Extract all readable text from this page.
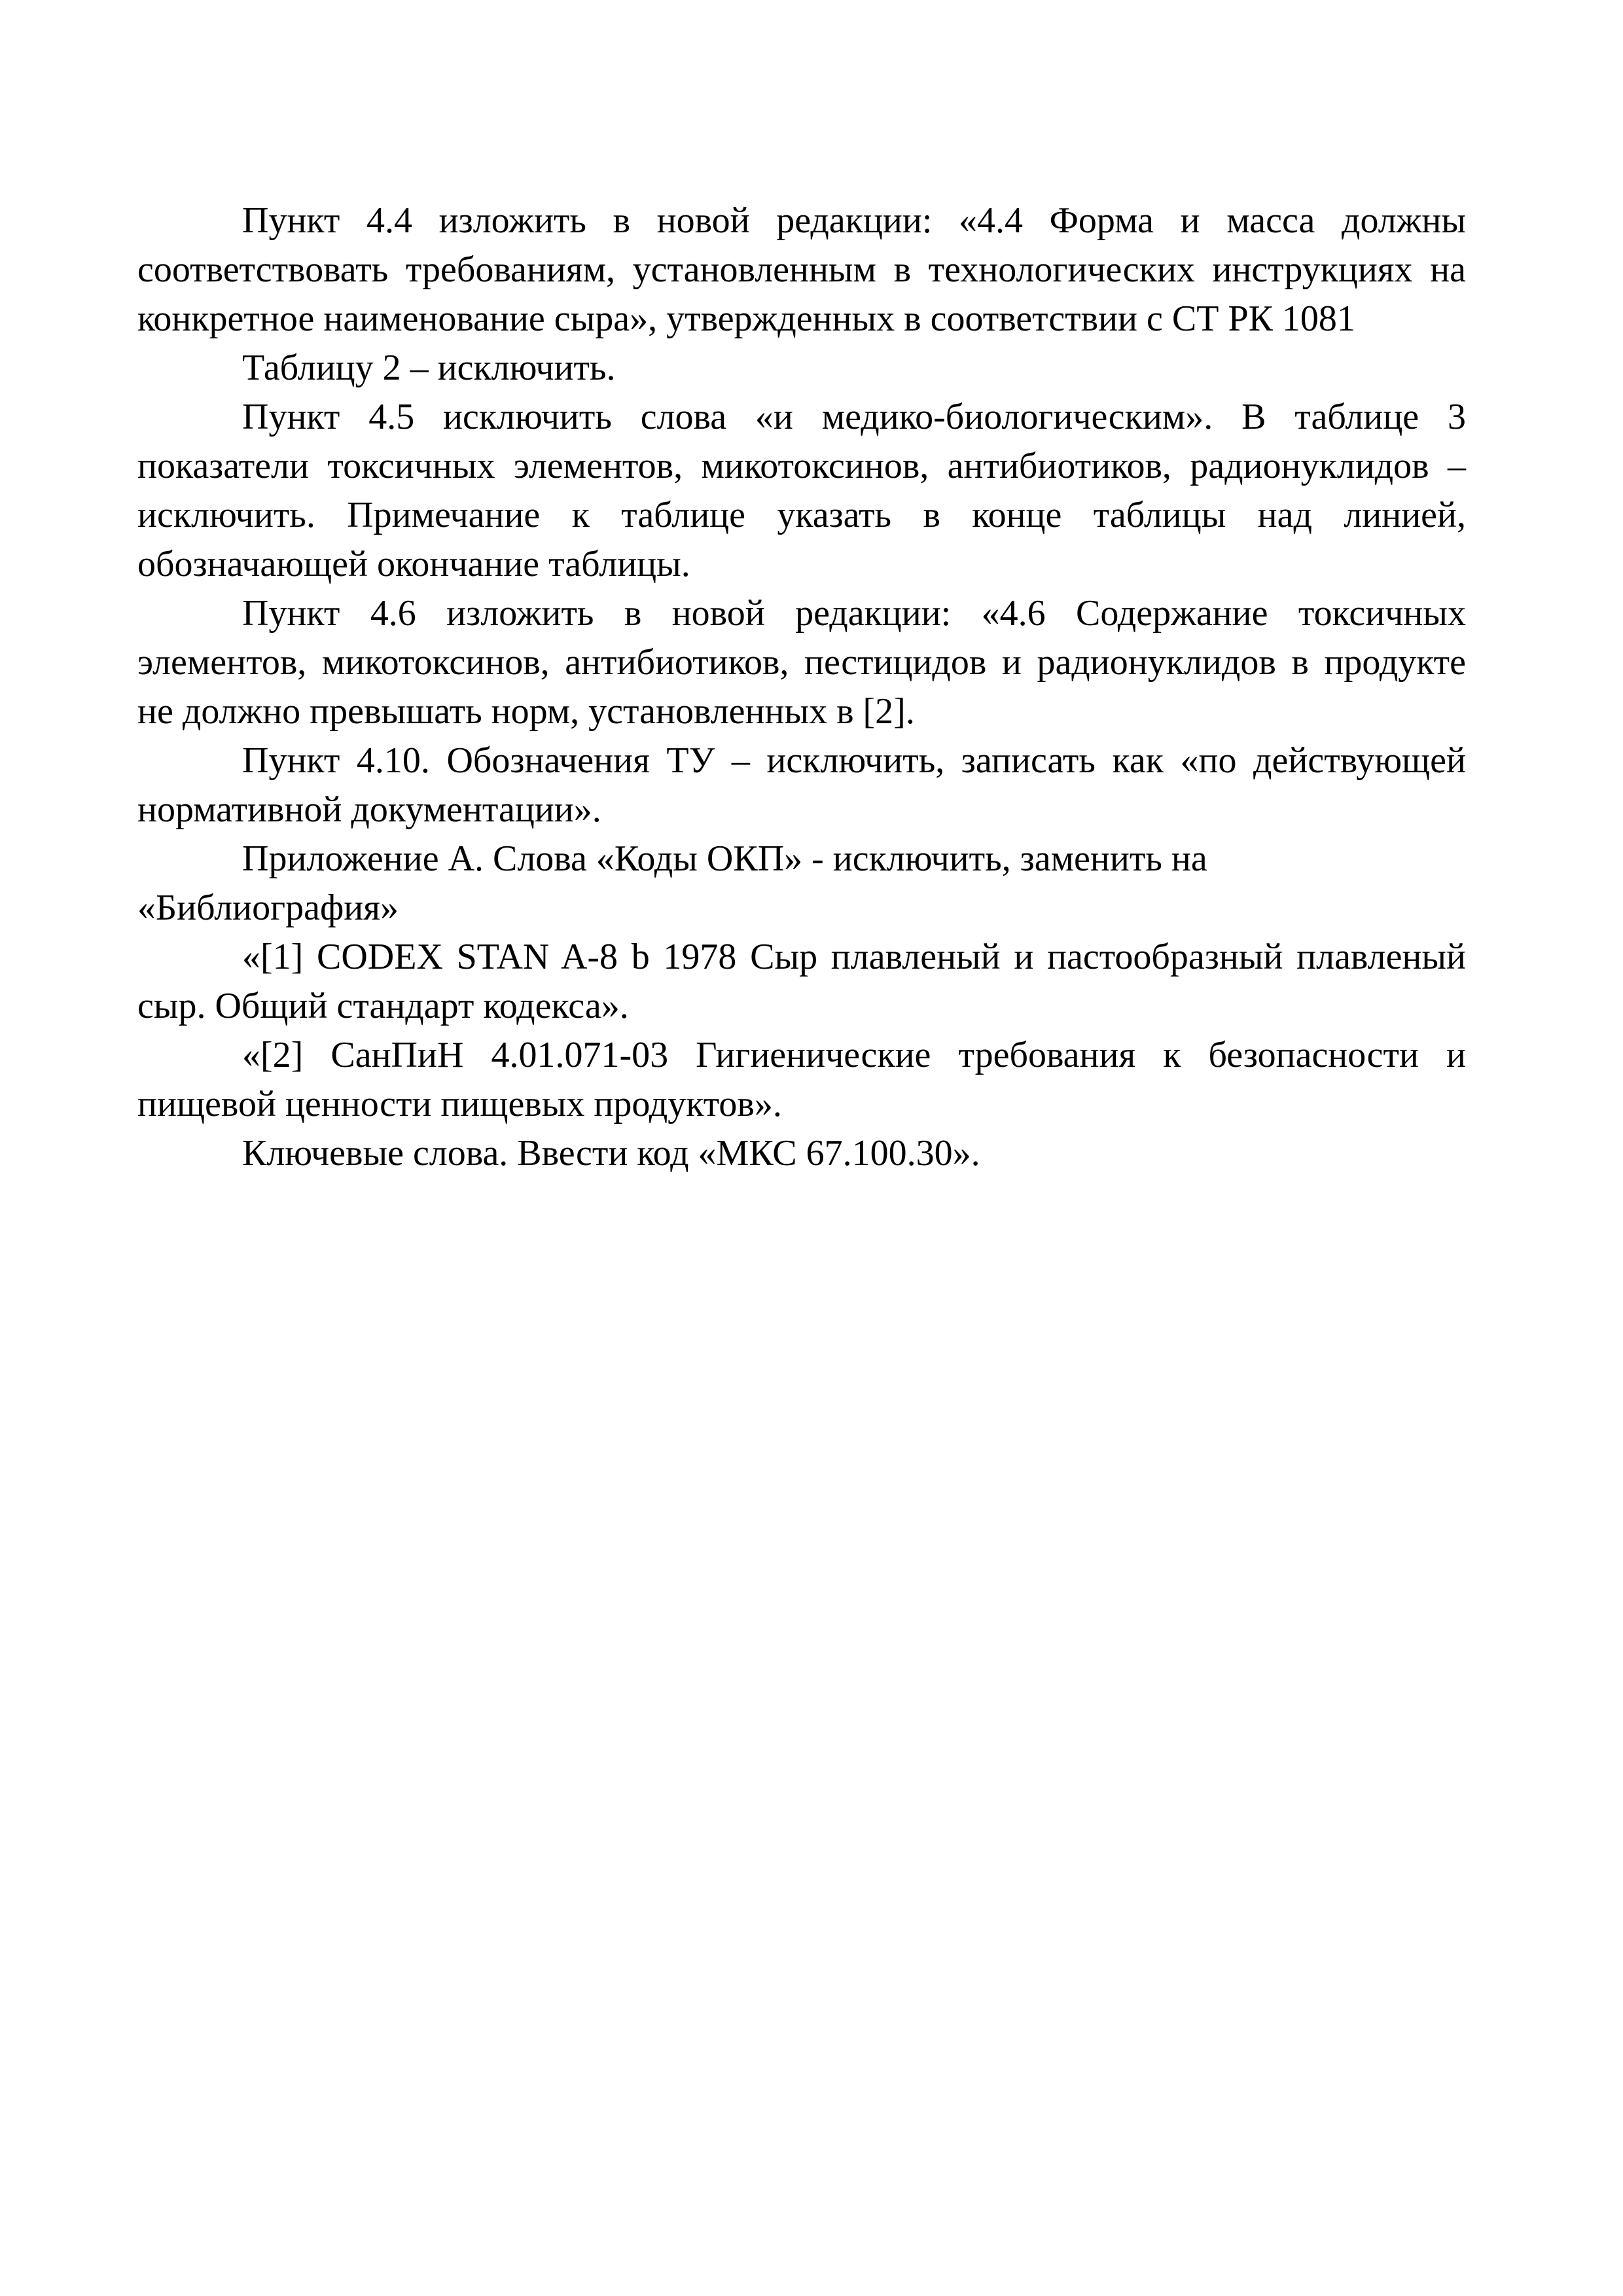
Пункт 4.4 изложить в новой редакции: «4.4 Форма и масса должны соответствовать требованиям, установленным в технологических инструкциях на конкретное наименование сыра», утвержденных в соответствии с СТ РК 1081

Таблицу 2 – исключить.

Пункт 4.5 исключить слова «и медико-биологическим». В таблице 3 показатели токсичных элементов, микотоксинов, антибиотиков, радионуклидов – исключить. Примечание к таблице указать в конце таблицы над линией, обозначающей окончание таблицы.

Пункт 4.6 изложить в новой редакции: «4.6 Содержание токсичных элементов, микотоксинов, антибиотиков, пестицидов и радионуклидов в продукте не должно превышать норм, установленных в [2].

Пункт 4.10. Обозначения ТУ – исключить, записать как «по действующей нормативной документации».

Приложение А. Слова «Коды ОКП» - исключить, заменить на «Библиография»

«[1] CODEX STAN A-8 b 1978 Сыр плавленый и пастообразный плавленый сыр. Общий стандарт кодекса».

«[2] СанПиН 4.01.071-03 Гигиенические требования к безопасности и пищевой ценности пищевых продуктов».

Ключевые слова. Ввести код «МКС 67.100.30».
